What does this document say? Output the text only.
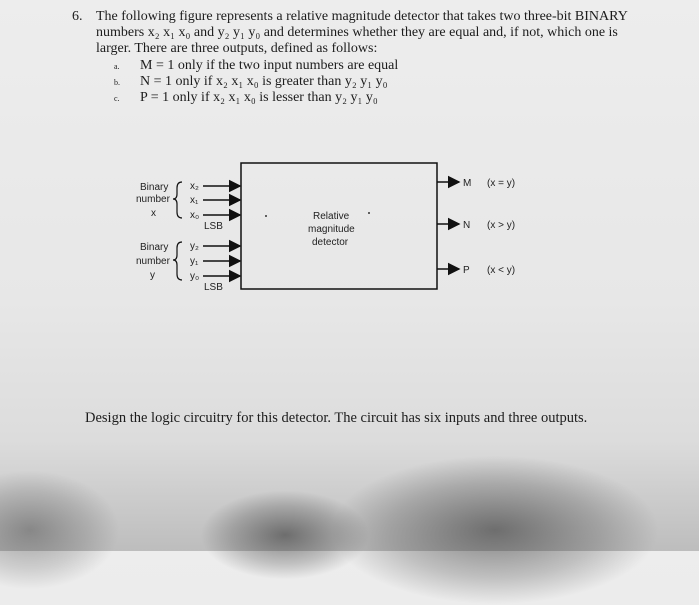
6. The following figure represents a relative magnitude detector that takes two three-bit BINARY
numbers x₂ x₁ x₀ and y₂ y₁ y₀ and determines whether they are equal and, if not, which one is
larger. There are three outputs, defined as follows:
a. M = 1 only if the two input numbers are equal
b. N = 1 only if x₂ x₁ x₀ is greater than y₂ y₁ y₀
c. P = 1 only if x₂ x₁ x₀ is lesser than y₂ y₁ y₀
Relative
magnitude
detector
Binary
number
x
x₂
x₁
x₀
LSB
Binary
number
y
y₂
y₁
y₀
LSB
M (x = y)
N (x > y)
P (x < y)
Design the logic circuitry for this detector. The circuit has six inputs and three outputs.
